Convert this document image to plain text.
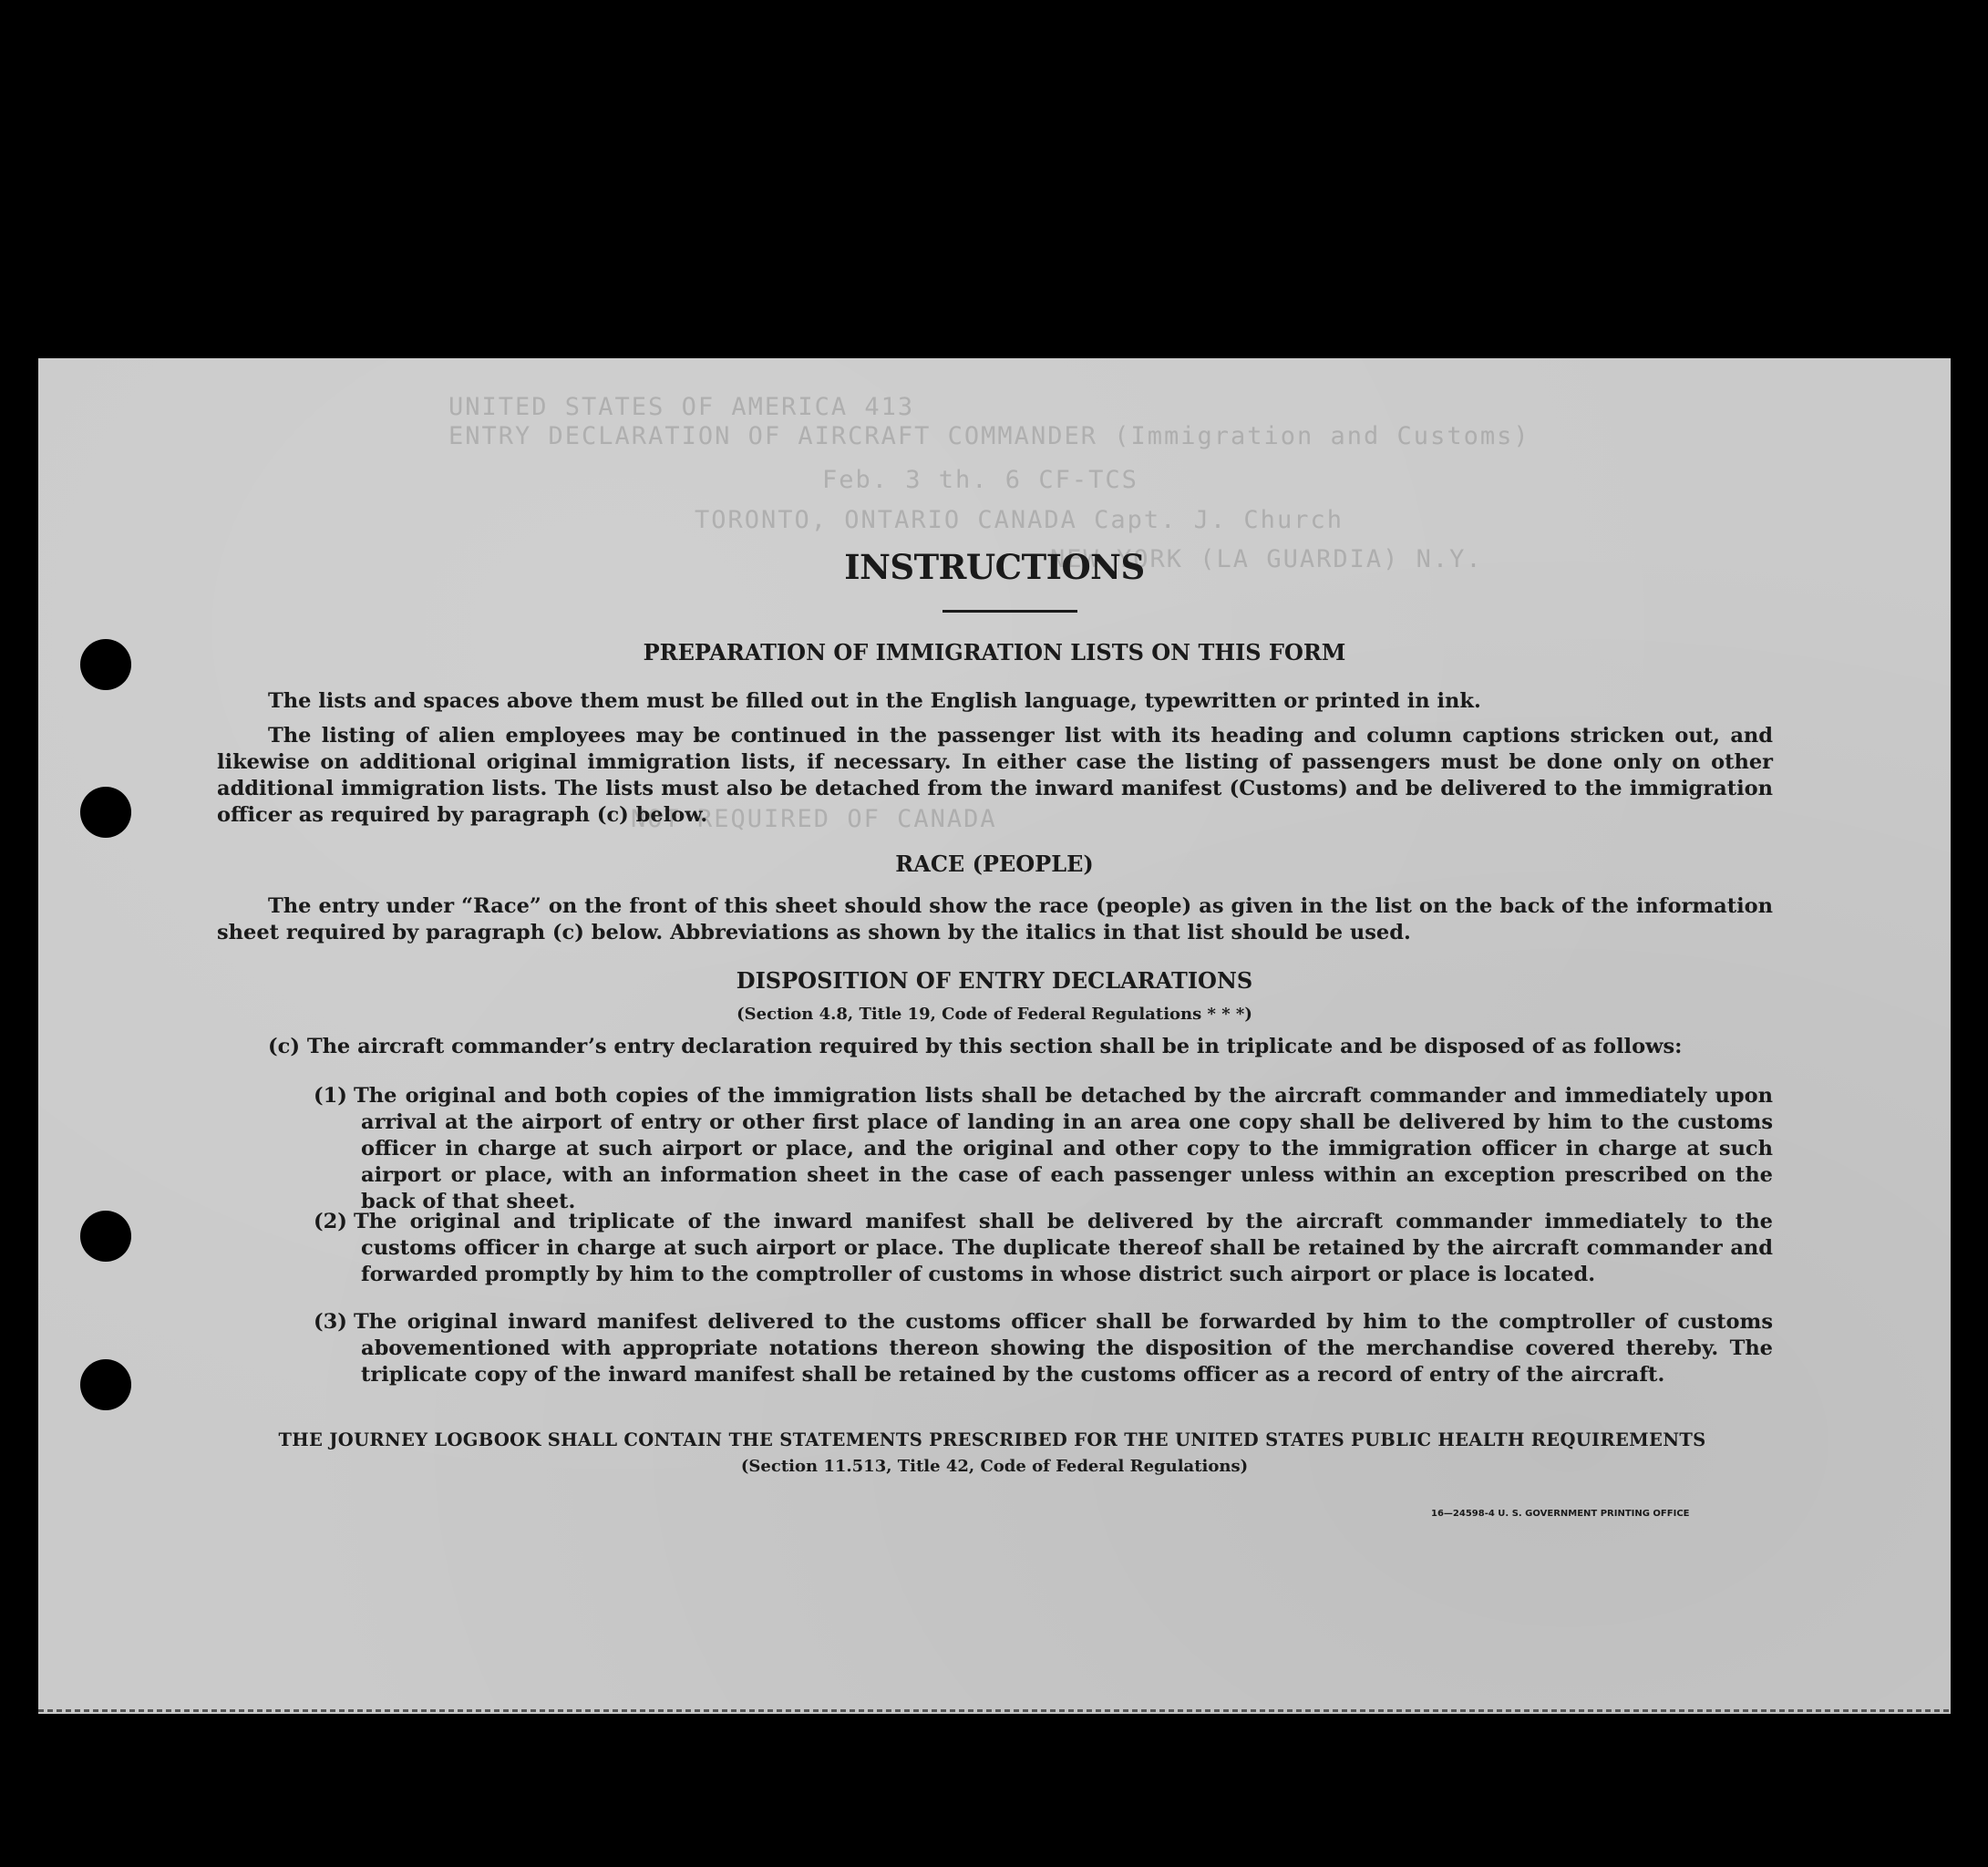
UNITED STATES OF AMERICA 413
ENTRY DECLARATION OF AIRCRAFT COMMANDER (Immigration and Customs)
Feb. 3 th. 6 CF-TCS
TORONTO, ONTARIO CANADA Capt. J. Church
NEW YORK (LA GUARDIA) N.Y.
NOT REQUIRED OF CANADA
INSTRUCTIONS
PREPARATION OF IMMIGRATION LISTS ON THIS FORM
The lists and spaces above them must be filled out in the English language, typewritten or printed in ink.
The listing of alien employees may be continued in the passenger list with its heading and column captions stricken out, and likewise on additional original immigration lists, if necessary. In either case the listing of passengers must be done only on other additional immigration lists. The lists must also be detached from the inward manifest (Customs) and be delivered to the immigration officer as required by paragraph (c) below.
RACE (PEOPLE)
The entry under “Race” on the front of this sheet should show the race (people) as given in the list on the back of the information sheet required by paragraph (c) below. Abbreviations as shown by the italics in that list should be used.
DISPOSITION OF ENTRY DECLARATIONS
(Section 4.8, Title 19, Code of Federal Regulations * * *)
(c) The aircraft commander’s entry declaration required by this section shall be in triplicate and be disposed of as follows:
(1) The original and both copies of the immigration lists shall be detached by the aircraft commander and immediately upon arrival at the airport of entry or other first place of landing in an area one copy shall be delivered by him to the customs officer in charge at such airport or place, and the original and other copy to the immigration officer in charge at such airport or place, with an information sheet in the case of each passenger unless within an exception prescribed on the back of that sheet.
(2) The original and triplicate of the inward manifest shall be delivered by the aircraft commander immediately to the customs officer in charge at such airport or place. The duplicate thereof shall be retained by the aircraft commander and forwarded promptly by him to the comptroller of customs in whose district such airport or place is located.
(3) The original inward manifest delivered to the customs officer shall be forwarded by him to the comptroller of customs abovementioned with appropriate notations thereon showing the disposition of the merchandise covered thereby. The triplicate copy of the inward manifest shall be retained by the customs officer as a record of entry of the aircraft.
THE JOURNEY LOGBOOK SHALL CONTAIN THE STATEMENTS PRESCRIBED FOR THE UNITED STATES PUBLIC HEALTH REQUIREMENTS
(Section 11.513, Title 42, Code of Federal Regulations)
16—24598-4 U. S. GOVERNMENT PRINTING OFFICE
